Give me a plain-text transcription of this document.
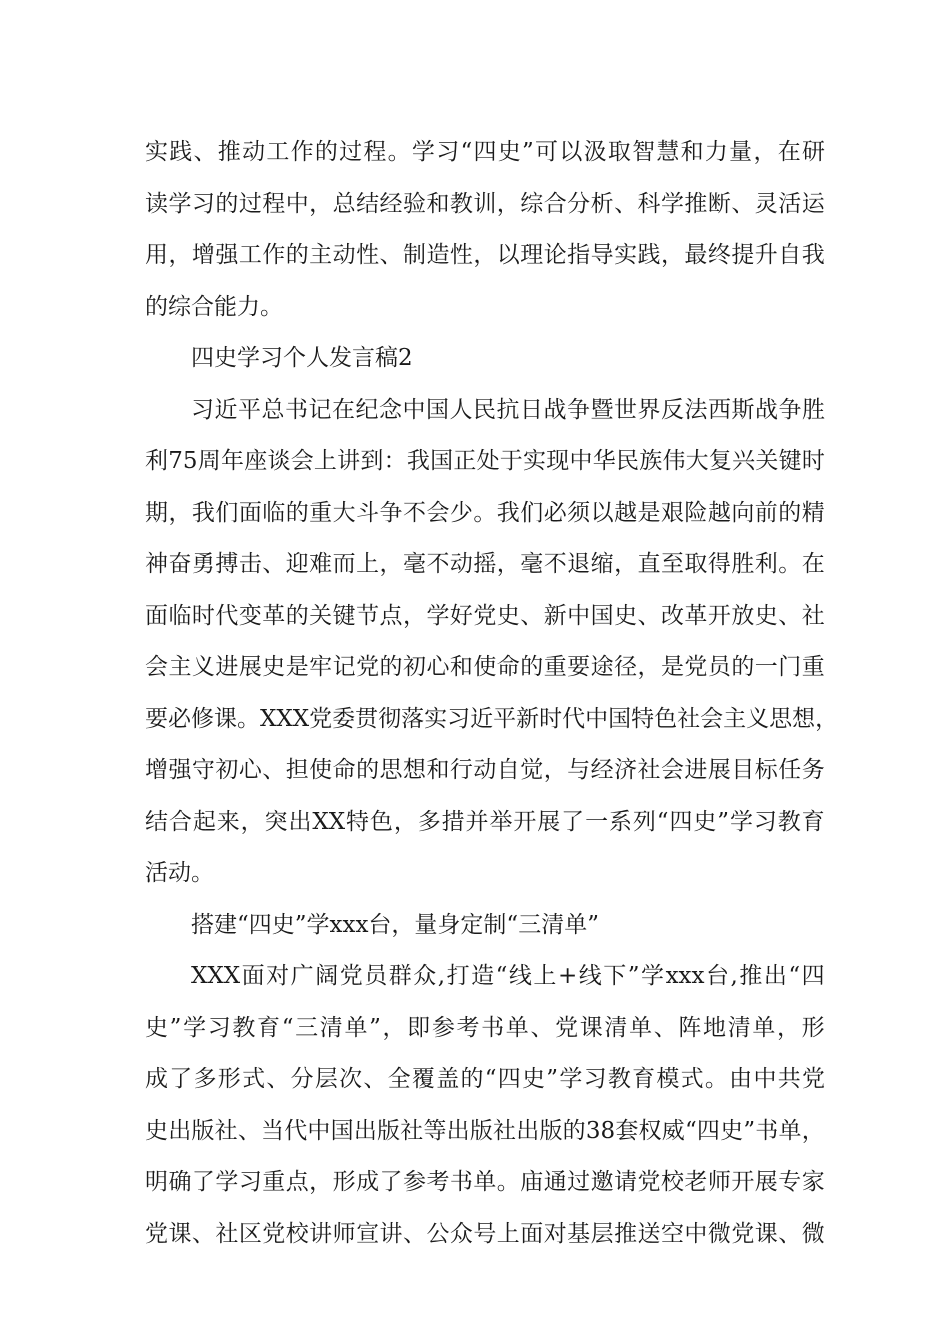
实 践 、 推 动 工 作 的 过 程 。 学 习 “ 四 史 ” 可 以 汲 取 智 慧 和 力 量 ， 在 研
读 学 习 的 过 程 中 ， 总 结 经 验 和 教 训 ， 综 合 分 析 、 科 学 推 断 、 灵 活 运
用 ， 增 强 工 作 的 主 动 性 、 制 造 性 ， 以 理 论 指 导 实 践 ， 最 终 提 升 自 我
的综合能力。
四史学习个人发言稿2
习 近 平 总 书 记 在 纪 念 中 国 人 民 抗 日 战 争 暨 世 界 反 法 西 斯 战 争 胜
利 75 周 年 座 谈 会 上 讲 到 ： 我 国 正 处 于 实 现 中 华 民 族 伟 大 复 兴 关 键 时
期 ， 我 们 面 临 的 重 大 斗 争 不 会 少 。 我 们 必 须 以 越 是 艰 险 越 向 前 的 精
神 奋 勇 搏 击 、 迎 难 而 上 ， 毫 不 动 摇 ， 毫 不 退 缩 ， 直 至 取 得 胜 利 。 在
面 临 时 代 变 革 的 关 键 节 点 ， 学 好 党 史 、 新 中 国 史 、 改 革 开 放 史 、 社
会 主 义 进 展 史 是 牢 记 党 的 初 心 和 使 命 的 重 要 途 径 ， 是 党 员 的 一 门 重
要 必 修 课 。 XXX 党 委 贯 彻 落 实 习 近 平 新 时 代 中 国 特 色 社 会 主 义 思 想 ，
增 强 守 初 心 、 担 使 命 的 思 想 和 行 动 自 觉 ， 与 经 济 社 会 进 展 目 标 任 务
结 合 起 来 ， 突 出 XX 特 色 ， 多 措 并 举 开 展 了 一 系 列 “ 四 史 ” 学 习 教 育
活动。
搭建“四史”学xxx台，量身定制“三清单”
XXX 面 对 广 阔 党 员 群 众 , 打 造 “ 线 上 + 线 下 ” 学 xxx 台 , 推 出 “ 四
史 ” 学 习 教 育 “ 三 清 单 ” ， 即 参 考 书 单 、 党 课 清 单 、 阵 地 清 单 ， 形
成 了 多 形 式 、 分 层 次 、 全 覆 盖 的 “ 四 史 ” 学 习 教 育 模 式 。 由 中 共 党
史 出 版 社 、 当 代 中 国 出 版 社 等 出 版 社 出 版 的 38 套 权 威 “ 四 史 ” 书 单 ，
明 确 了 学 习 重 点 ， 形 成 了 参 考 书 单 。 庙 通 过 邀 请 党 校 老 师 开 展 专 家
党 课 、 社 区 党 校 讲 师 宣 讲 、 公 众 号 上 面 对 基 层 推 送 空 中 微 党 课 、 微
